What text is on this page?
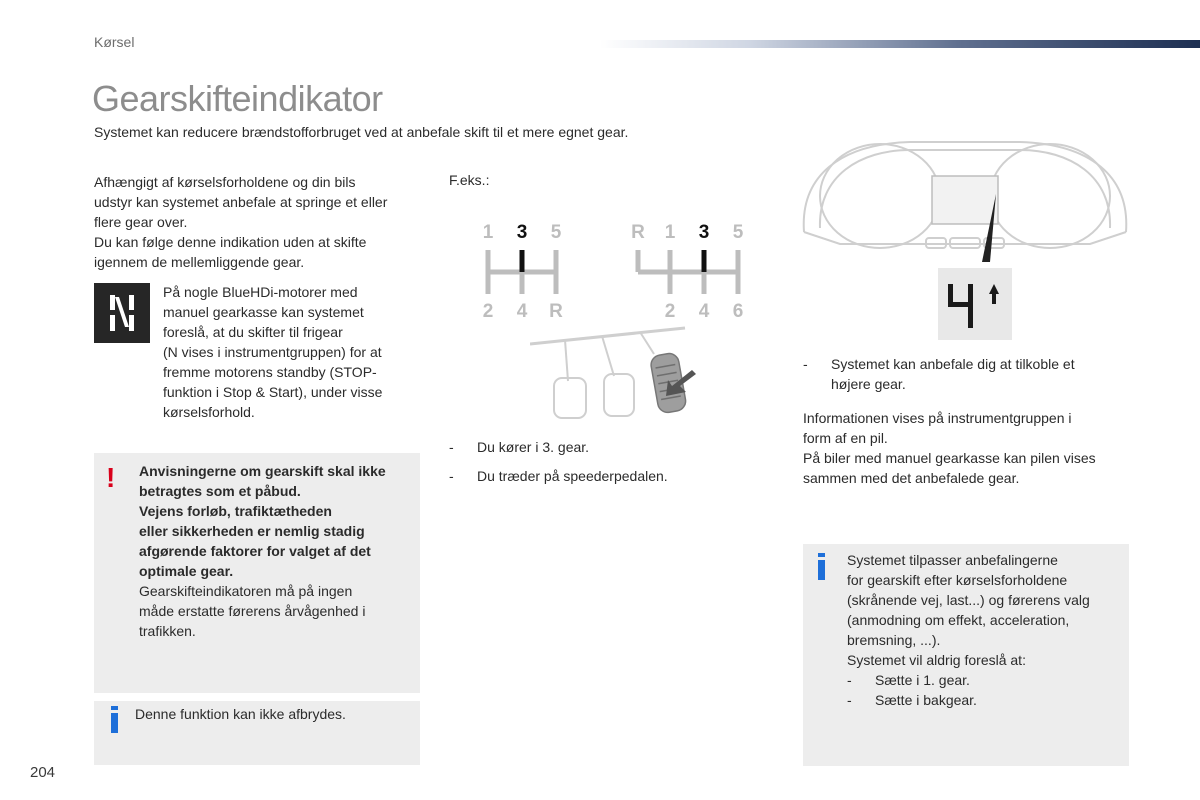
Kørsel
Gearskifteindikator
Systemet kan reducere brændstofforbruget ved at anbefale skift til et mere egnet gear.
Afhængigt af kørselsforholdene og din bils
udstyr kan systemet anbefale at springe et eller
flere gear over.
Du kan følge denne indikation uden at skifte
igennem de mellemliggende gear.
På nogle BlueHDi-motorer med
manuel gearkasse kan systemet
foreslå, at du skifter til frigear
(N vises i instrumentgruppen) for at
fremme motorens standby (STOP-
funktion i Stop & Start), under visse
kørselsforhold.
! Anvisningerne om gearskift skal ikke
betragtes som et påbud.
Vejens forløb, trafiktætheden
eller sikkerheden er nemlig stadig
afgørende faktorer for valget af det
optimale gear.
Gearskifteindikatoren må på ingen
måde erstatte førerens årvågenhed i
trafikken.
Denne funktion kan ikke afbrydes.
F.eks.:
1 3 5
2 4 R
R 1 3 5
2 4 6
- Du kører i 3. gear.
- Du træder på speederpedalen.
-	Systemet kan anbefale dig at tilkoble et
højere gear.
Informationen vises på instrumentgruppen i
form af en pil.
På biler med manuel gearkasse kan pilen vises
sammen med det anbefalede gear.
Systemet tilpasser anbefalingerne
for gearskift efter kørselsforholdene
(skrånende vej, last...) og førerens valg
(anmodning om effekt, acceleration,
bremsning, ...).
Systemet vil aldrig foreslå at:
- Sætte i 1. gear.
- Sætte i bakgear.
204
